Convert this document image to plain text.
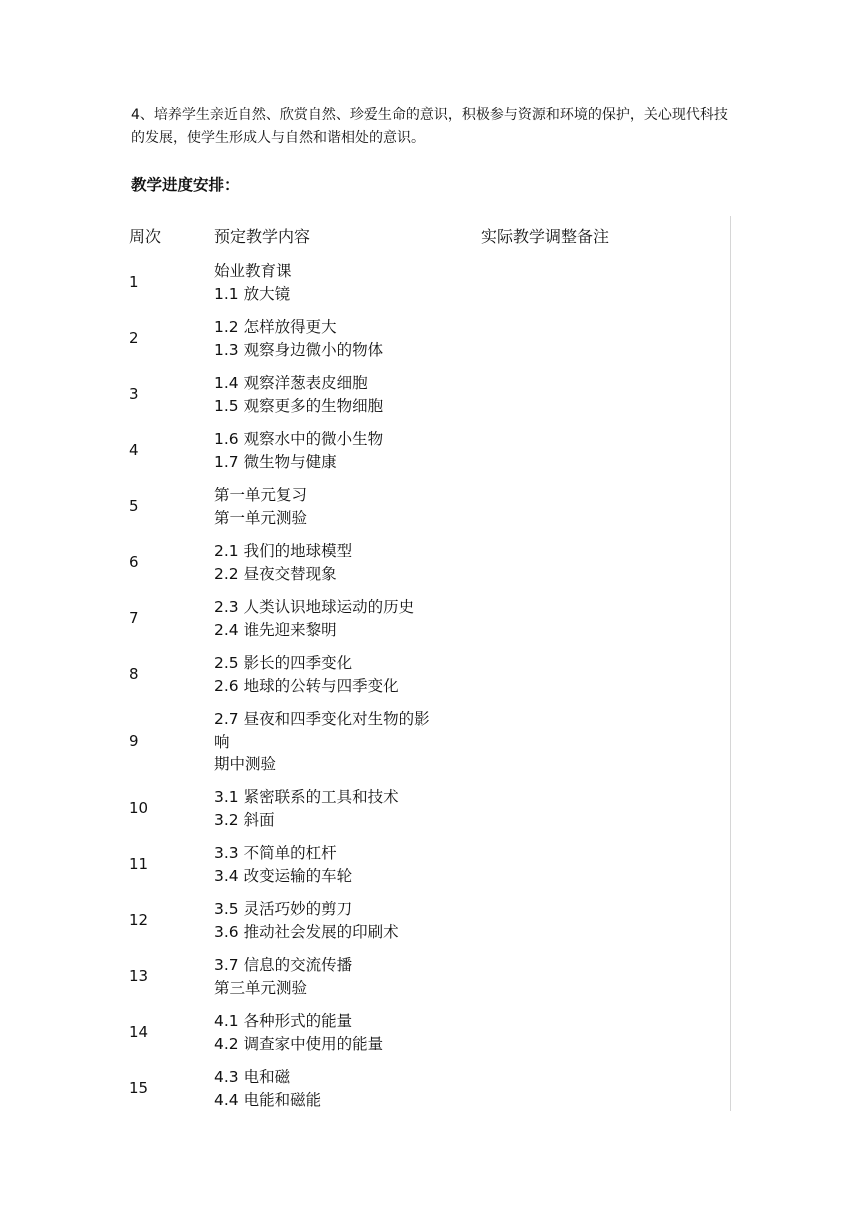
4、培养学生亲近自然、欣赏自然、珍爱生命的意识，积极参与资源和环境的保护，关心现代科技的发展，使学生形成人与自然和谐相处的意识。
教学进度安排：
周次	预定教学内容	实际教学调整备注
1
始业教育课
1.1 放大镜
2
1.2 怎样放得更大
1.3 观察身边微小的物体
3
1.4 观察洋葱表皮细胞
1.5 观察更多的生物细胞
4
1.6 观察水中的微小生物
1.7 微生物与健康
5
第一单元复习
第一单元测验
6
2.1 我们的地球模型
2.2 昼夜交替现象
7
2.3 人类认识地球运动的历史
2.4 谁先迎来黎明
8
2.5 影长的四季变化
2.6 地球的公转与四季变化
9
2.7 昼夜和四季变化对生物的影
响
期中测验
10
3.1 紧密联系的工具和技术
3.2 斜面
11
3.3 不简单的杠杆
3.4 改变运输的车轮
12
3.5 灵活巧妙的剪刀
3.6 推动社会发展的印刷术
13
3.7 信息的交流传播
第三单元测验
14
4.1 各种形式的能量
4.2 调查家中使用的能量
15
4.3 电和磁
4.4 电能和磁能
